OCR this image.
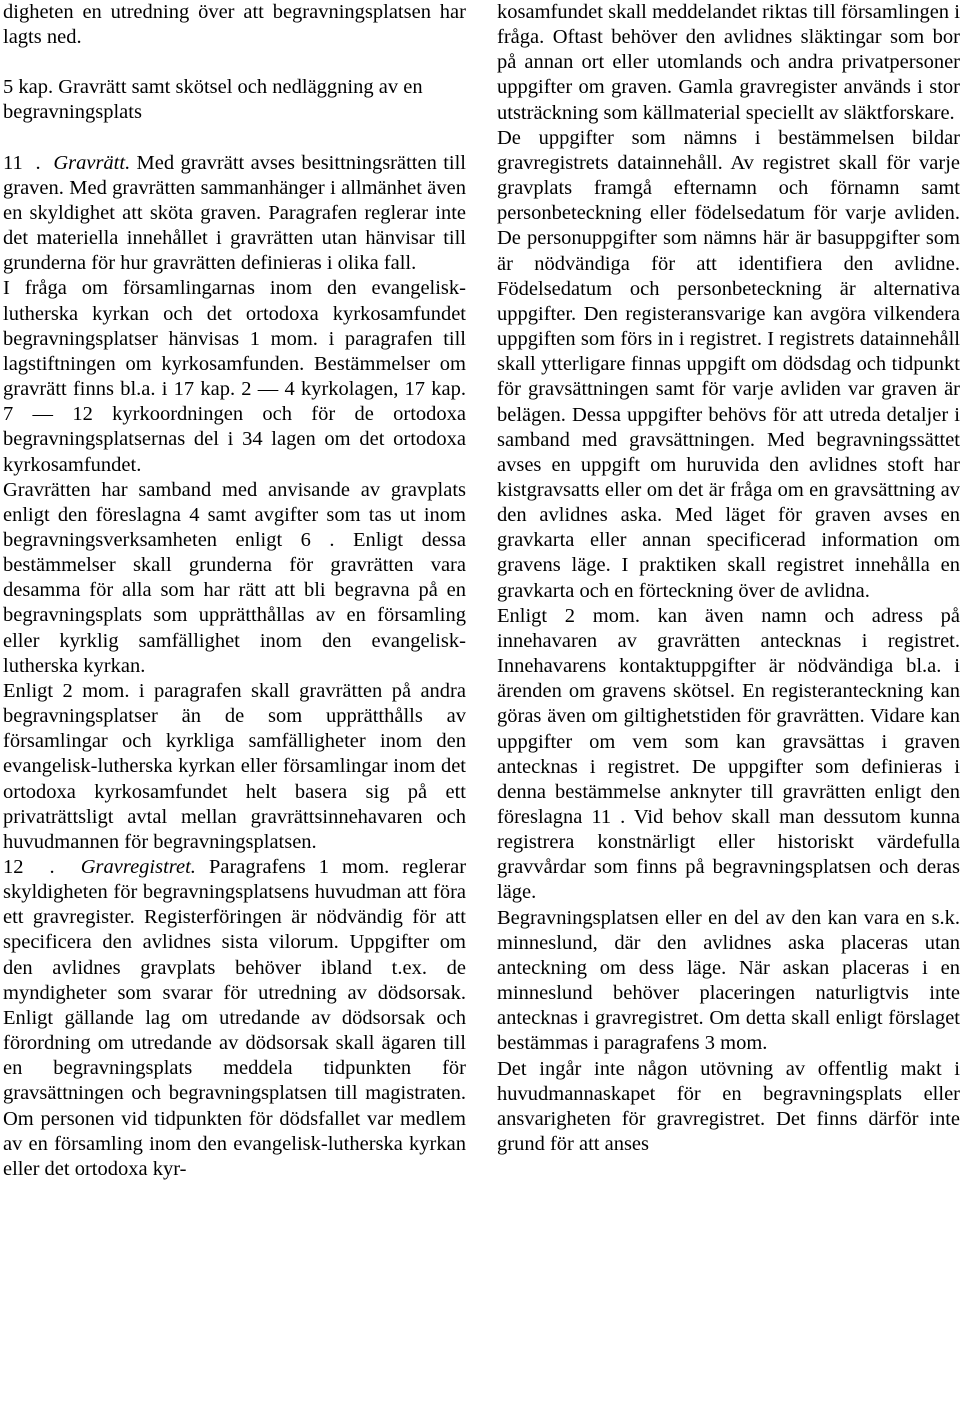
digheten en utredning över att begravningsplatsen har lagts ned.

5 kap. Gravrätt samt skötsel och nedläggning av en begravningsplats

11  .  Gravrätt. Med gravrätt avses besittningsrätten till graven. Med gravrätten sammanhänger i allmänhet även en skyldighet att sköta graven. Paragrafen reglerar inte det materiella innehållet i gravrätten utan hänvisar till grunderna för hur gravrätten definieras i olika fall.

I fråga om församlingarnas inom den evangelisk-lutherska kyrkan och det ortodoxa kyrkosamfundet begravningsplatser hänvisas 1 mom. i paragrafen till lagstiftningen om kyrkosamfunden. Bestämmelser om gravrätt finns bl.a. i 17 kap. 2 — 4 kyrkolagen, 17 kap. 7 — 12 kyrkoordningen och för de ortodoxa begravningsplatsernas del i 34 lagen om det ortodoxa kyrkosamfundet.

Gravrätten har samband med anvisande av gravplats enligt den föreslagna 4 samt avgifter som tas ut inom begravningsverksamheten enligt 6 . Enligt dessa bestämmelser skall grunderna för gravrätten vara desamma för alla som har rätt att bli begravna på en begravningsplats som upprätthållas av en församling eller kyrklig samfällighet inom den evangelisk-lutherska kyrkan.

Enligt 2 mom. i paragrafen skall gravrätten på andra begravningsplatser än de som upprätthålls av församlingar och kyrkliga samfälligheter inom den evangelisk-lutherska kyrkan eller församlingar inom det ortodoxa kyrkosamfundet helt basera sig på ett privaträttsligt avtal mellan gravrättsinnehavaren och huvudmannen för begravningsplatsen.

12  .  Gravregistret. Paragrafens 1 mom. reglerar skyldigheten för begravningsplatsens huvudman att föra ett gravregister. Registerföringen är nödvändig för att specificera den avlidnes sista vilorum. Uppgifter om den avlidnes gravplats behöver ibland t.ex. de myndigheter som svarar för utredning av dödsorsak. Enligt gällande lag om utredande av dödsorsak och förordning om utredande av dödsorsak skall ägaren till en begravningsplats meddela tidpunkten för gravsättningen och begravningsplatsen till magistraten. Om personen vid tidpunkten för dödsfallet var medlem av en församling inom den evangelisk-lutherska kyrkan eller det ortodoxa kyr-

kosamfundet skall meddelandet riktas till församlingen i fråga. Oftast behöver den avlidnes släktingar som bor på annan ort eller utomlands och andra privatpersoner uppgifter om graven. Gamla gravregister används i stor utsträckning som källmaterial speciellt av släktforskare.

De uppgifter som nämns i bestämmelsen bildar gravregistrets datainnehåll. Av registret skall för varje gravplats framgå efternamn och förnamn samt personbeteckning eller födelsedatum för varje avliden. De personuppgifter som nämns här är basuppgifter som är nödvändiga för att identifiera den avlidne. Födelsedatum och personbeteckning är alternativa uppgifter. Den registeransvarige kan avgöra vilkendera uppgiften som förs in i registret. I registrets datainnehåll skall ytterligare finnas uppgift om dödsdag och tidpunkt för gravsättningen samt för varje avliden var graven är belägen. Dessa uppgifter behövs för att utreda detaljer i samband med gravsättningen. Med begravningssättet avses en uppgift om huruvida den avlidnes stoft har kistgravsatts eller om det är fråga om en gravsättning av den avlidnes aska. Med läget för graven avses en gravkarta eller annan specificerad information om gravens läge. I praktiken skall registret innehålla en gravkarta och en förteckning över de avlidna.

Enligt 2 mom. kan även namn och adress på innehavaren av gravrätten antecknas i registret. Innehavarens kontaktuppgifter är nödvändiga bl.a. i ärenden om gravens skötsel. En registeranteckning kan göras även om giltighetstiden för gravrätten. Vidare kan uppgifter om vem som kan gravsättas i graven antecknas i registret. De uppgifter som definieras i denna bestämmelse anknyter till gravrätten enligt den föreslagna 11 . Vid behov skall man dessutom kunna registrera konstnärligt eller historiskt värdefulla gravvårdar som finns på begravningsplatsen och deras läge.

Begravningsplatsen eller en del av den kan vara en s.k. minneslund, där den avlidnes aska placeras utan anteckning om dess läge. När askan placeras i en minneslund behöver placeringen naturligtvis inte antecknas i gravregistret. Om detta skall enligt förslaget bestämmas i paragrafens 3 mom.

Det ingår inte någon utövning av offentlig makt i huvudmannaskapet för en begravningsplats eller ansvarigheten för gravregistret. Det finns därför inte grund för att anses
